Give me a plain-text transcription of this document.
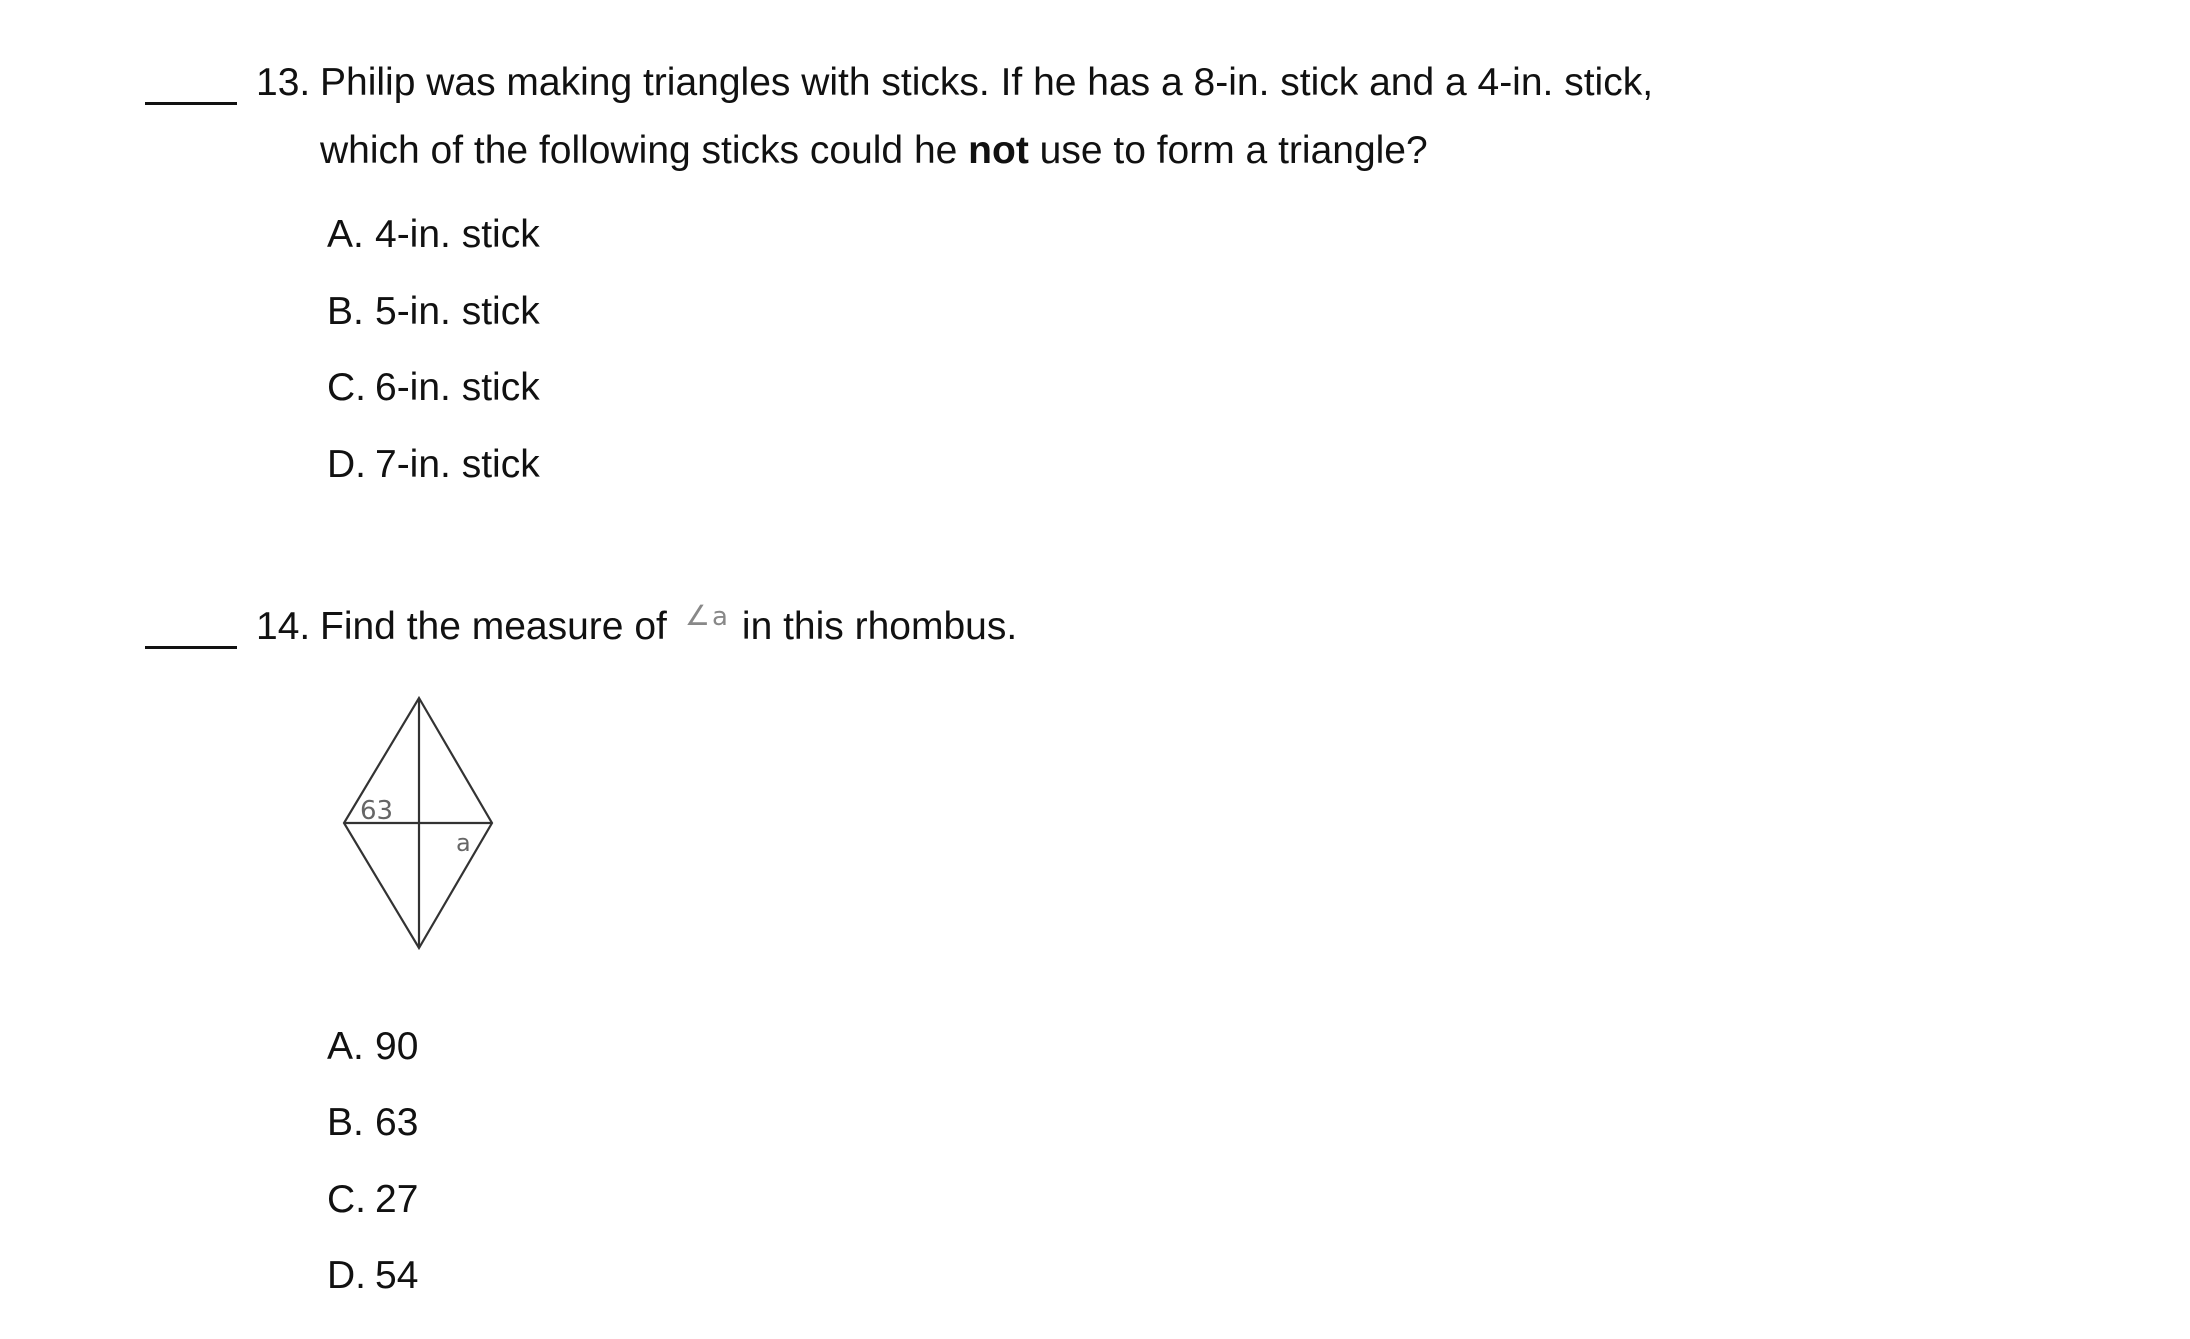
13. Philip was making triangles with sticks. If he has a 8-in. stick and a 4-in. stick,
which of the following sticks could he not use to form a triangle?
A. 4-in. stick
B. 5-in. stick
C. 6-in. stick
D. 7-in. stick
14. Find the measure of $^{\angle a}$ in this rhombus.
63
a
A. 90
B. 63
C. 27
D. 54
